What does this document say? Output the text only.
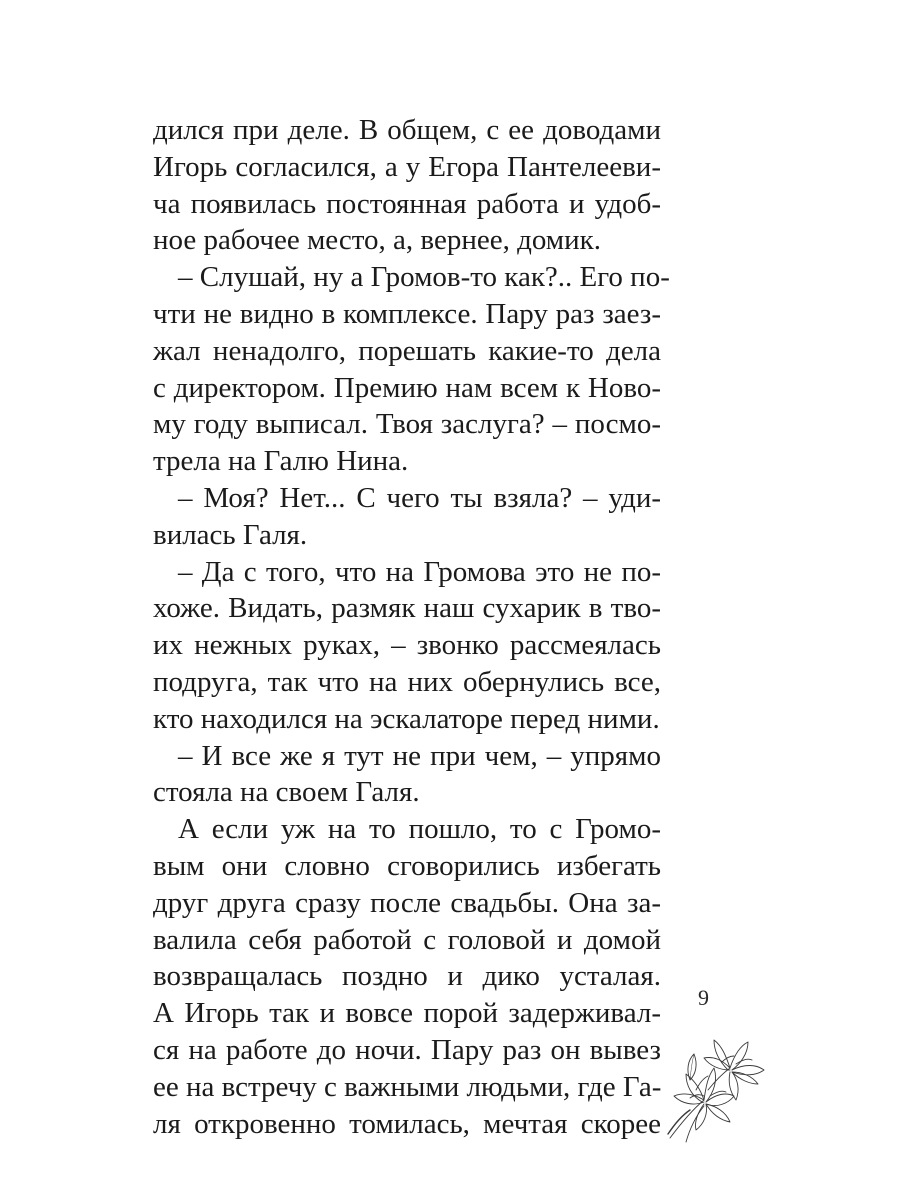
дился при деле. В общем, с ее доводами
Игорь согласился, а у Егора Пантелееви-
ча появилась постоянная работа и удоб-
ное рабочее место, а, вернее, домик.
– Слушай, ну а Громов-то как?.. Его по-
чти не видно в комплексе. Пару раз заез-
жал ненадолго, порешать какие-то дела
с директором. Премию нам всем к Ново-
му году выписал. Твоя заслуга? – посмо-
трела на Галю Нина.
– Моя? Нет... С чего ты взяла? – уди-
вилась Галя.
– Да с того, что на Громова это не по-
хоже. Видать, размяк наш сухарик в тво-
их нежных руках, – звонко рассмеялась
подруга, так что на них обернулись все,
кто находился на эскалаторе перед ними.
– И все же я тут не при чем, – упрямо
стояла на своем Галя.
А если уж на то пошло, то с Громо-
вым они словно сговорились избегать
друг друга сразу после свадьбы. Она за-
валила себя работой с головой и домой
возвращалась поздно и дико усталая.
А Игорь так и вовсе порой задерживал-
ся на работе до ночи. Пару раз он вывез
ее на встречу с важными людьми, где Га-
ля откровенно томилась, мечтая скорее
9
